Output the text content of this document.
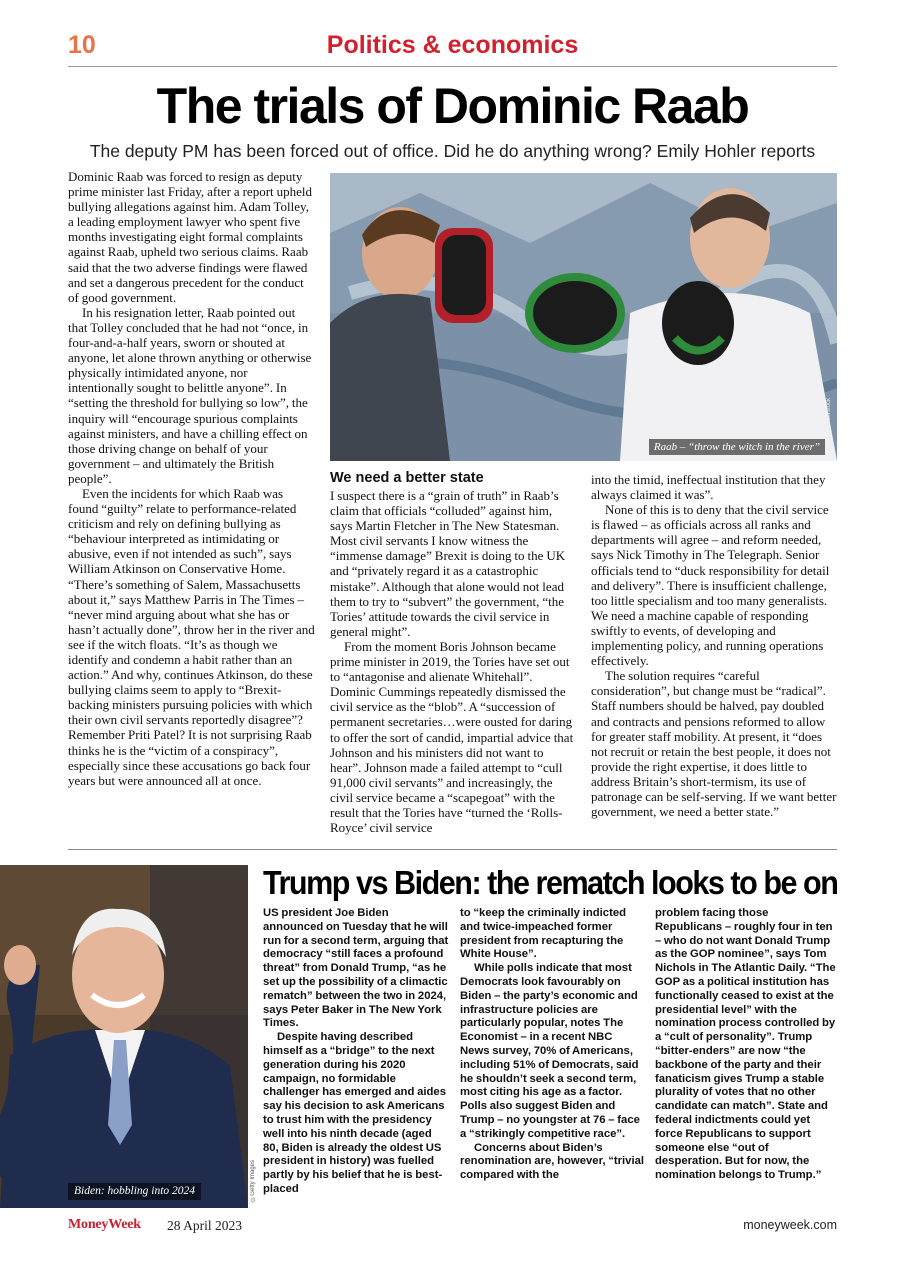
10	Politics & economics
The trials of Dominic Raab
The deputy PM has been forced out of office. Did he do anything wrong? Emily Hohler reports

Dominic Raab was forced to resign as deputy prime minister last Friday, after a report upheld bullying allegations against him. Adam Tolley, a leading employment lawyer who spent five months investigating eight formal complaints against Raab, upheld two serious claims. Raab said that the two adverse findings were flawed and set a dangerous precedent for the conduct of good government.

In his resignation letter, Raab pointed out that Tolley concluded that he had not “once, in four-and-a-half years, sworn or shouted at anyone, let alone thrown anything or otherwise physically intimidated anyone, nor intentionally sought to belittle anyone”. In “setting the threshold for bullying so low”, the inquiry will “encourage spurious complaints against ministers, and have a chilling effect on those driving change on behalf of your government – and ultimately the British people”.

Even the incidents for which Raab was found “guilty” relate to performance-related criticism and rely on defining bullying as “behaviour interpreted as intimidating or abusive, even if not intended as such”, says William Atkinson on Conservative Home. “There’s something of Salem, Massachusetts about it,” says Matthew Parris in The Times – “never mind arguing about what she has or hasn’t actually done”, throw her in the river and see if the witch floats. “It’s as though we identify and condemn a habit rather than an action.” And why, continues Atkinson, do these bullying claims seem to apply to “Brexit-backing ministers pursuing policies with which their own civil servants reportedly disagree”? Remember Priti Patel? It is not surprising Raab thinks he is the “victim of a conspiracy”, especially since these accusations go back four years but were announced all at once.

Raab – “throw the witch in the river”
©Shutterstock
We need a better state

I suspect there is a “grain of truth” in Raab’s claim that officials “colluded” against him, says Martin Fletcher in The New Statesman. Most civil servants I know witness the “immense damage” Brexit is doing to the UK and “privately regard it as a catastrophic mistake”. Although that alone would not lead them to try to “subvert” the government, “the Tories’ attitude towards the civil service in general might”.

From the moment Boris Johnson became prime minister in 2019, the Tories have set out to “antagonise and alienate Whitehall”. Dominic Cummings repeatedly dismissed the civil service as the “blob”. A “succession of permanent secretaries…were ousted for daring to offer the sort of candid, impartial advice that Johnson and his ministers did not want to hear”. Johnson made a failed attempt to “cull 91,000 civil servants” and increasingly, the civil service became a “scapegoat” with the result that the Tories have “turned the ‘Rolls-Royce’ civil service

into the timid, ineffectual institution that they always claimed it was”.

None of this is to deny that the civil service is flawed – as officials across all ranks and departments will agree – and reform needed, says Nick Timothy in The Telegraph. Senior officials tend to “duck responsibility for detail and delivery”. There is insufficient challenge, too little specialism and too many generalists. We need a machine capable of responding swiftly to events, of developing and implementing policy, and running operations effectively.

The solution requires “careful consideration”, but change must be “radical”. Staff numbers should be halved, pay doubled and contracts and pensions reformed to allow for greater staff mobility. At present, it “does not recruit or retain the best people, it does not provide the right expertise, it does little to address Britain’s short-termism, its use of patronage can be self-serving. If we want better government, we need a better state.”

Biden: hobbling into 2024	©Getty Images
Trump vs Biden: the rematch looks to be on

US president Joe Biden announced on Tuesday that he will run for a second term, arguing that democracy “still faces a profound threat” from Donald Trump, “as he set up the possibility of a climactic rematch” between the two in 2024, says Peter Baker in The New York Times.

Despite having described himself as a “bridge” to the next generation during his 2020 campaign, no formidable challenger has emerged and aides say his decision to ask Americans to trust him with the presidency well into his ninth decade (aged 80, Biden is already the oldest US president in history) was fuelled partly by his belief that he is best-placed

to “keep the criminally indicted and twice-impeached former president from recapturing the White House”.

While polls indicate that most Democrats look favourably on Biden – the party’s economic and infrastructure policies are particularly popular, notes The Economist – in a recent NBC News survey, 70% of Americans, including 51% of Democrats, said he shouldn’t seek a second term, most citing his age as a factor. Polls also suggest Biden and Trump – no youngster at 76 – face a “strikingly competitive race”.

Concerns about Biden’s renomination are, however, “trivial compared with the

problem facing those Republicans – roughly four in ten – who do not want Donald Trump as the GOP nominee”, says Tom Nichols in The Atlantic Daily. “The GOP as a political institution has functionally ceased to exist at the presidential level” with the nomination process controlled by a “cult of personality”. Trump “bitter-enders” are now “the backbone of the party and their fanaticism gives Trump a stable plurality of votes that no other candidate can match”. State and federal indictments could yet force Republicans to support someone else “out of desperation. But for now, the nomination belongs to Trump.”

MoneyWeek 28 April 2023	moneyweek.com
